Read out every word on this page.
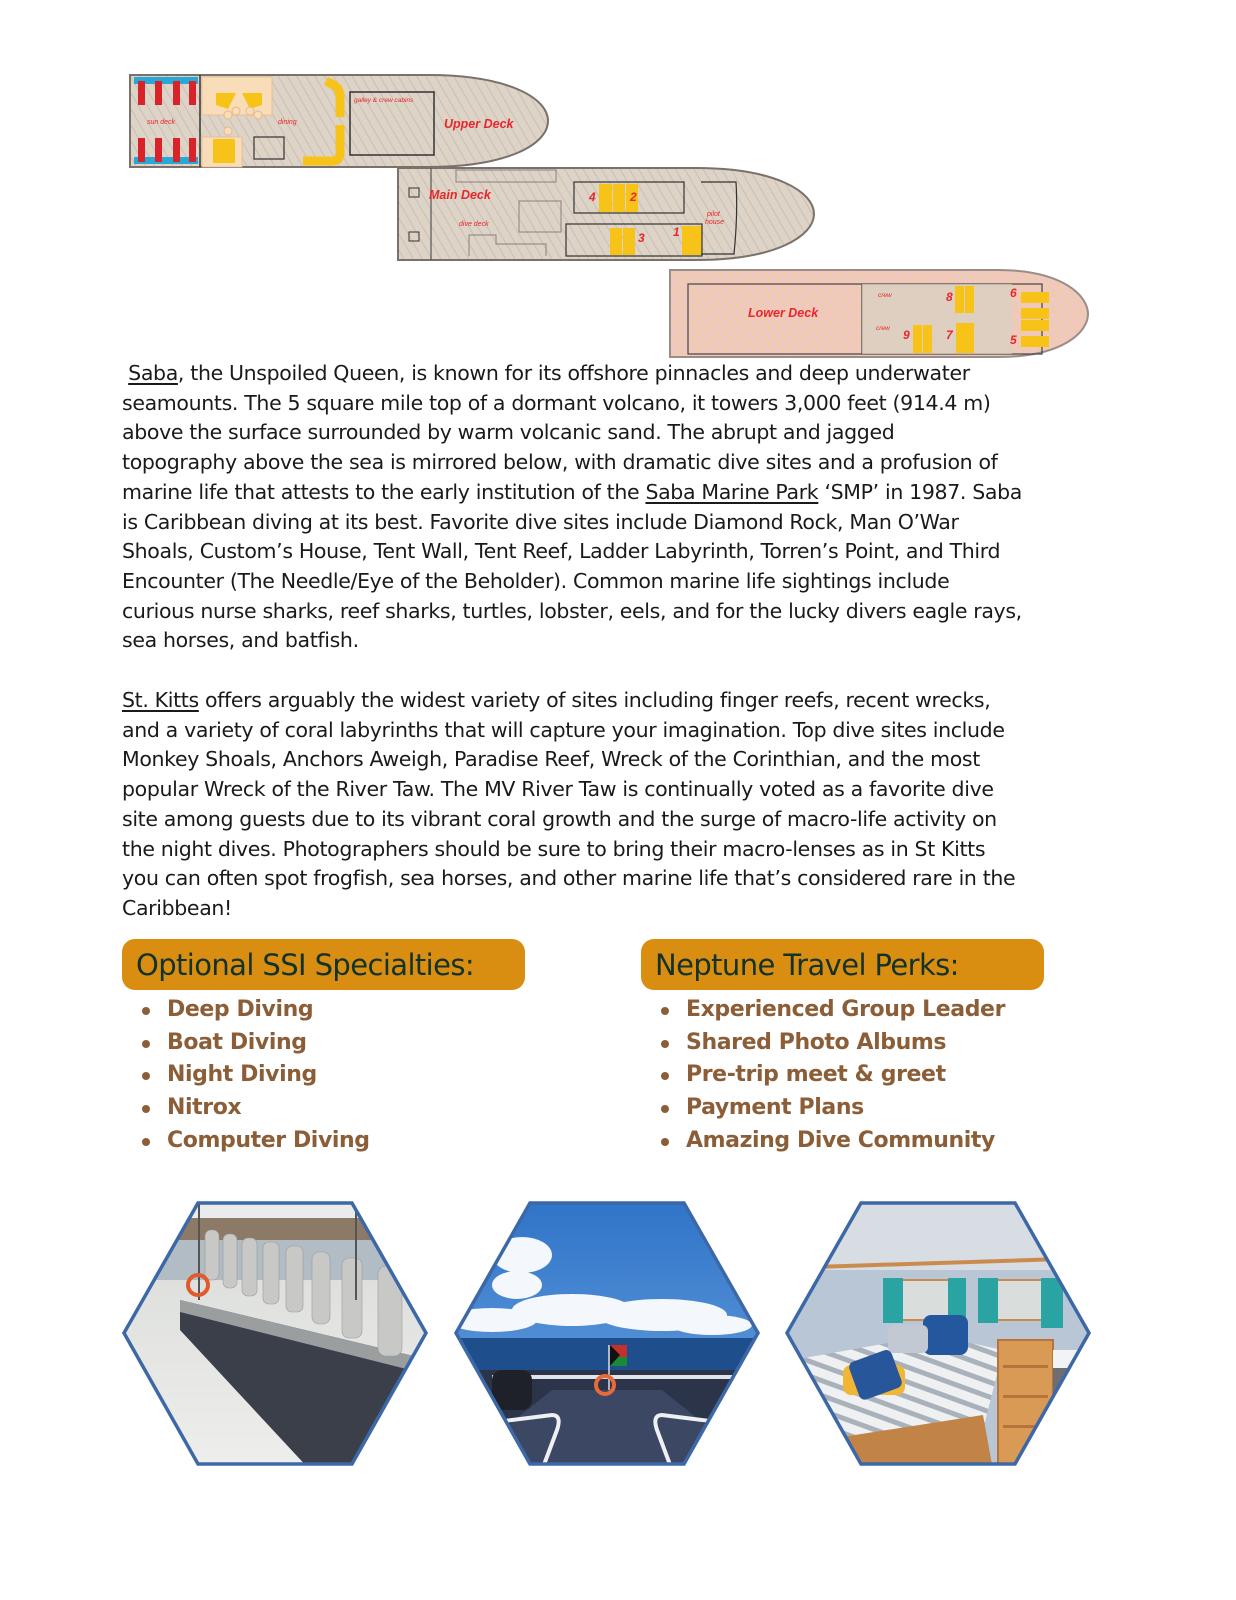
sun deck	dining
galley & crew cabins
Upper Deck
Main Deck
dive deck
pilot
house
1
2
3
4
Lower Deck
crew
crew
5
6
7
8
9
Saba, the Unspoiled Queen, is known for its offshore pinnacles and deep underwater
seamounts. The 5 square mile top of a dormant volcano, it towers 3,000 feet (914.4 m)
above the surface surrounded by warm volcanic sand. The abrupt and jagged
topography above the sea is mirrored below, with dramatic dive sites and a profusion of
marine life that attests to the early institution of the Saba Marine Park ‘SMP’ in 1987. Saba
is Caribbean diving at its best. Favorite dive sites include Diamond Rock, Man O’War
Shoals, Custom’s House, Tent Wall, Tent Reef, Ladder Labyrinth, Torren’s Point, and Third
Encounter (The Needle/Eye of the Beholder). Common marine life sightings include
curious nurse sharks, reef sharks, turtles, lobster, eels, and for the lucky divers eagle rays,
sea horses, and batfish.
St. Kitts offers arguably the widest variety of sites including finger reefs, recent wrecks,
and a variety of coral labyrinths that will capture your imagination. Top dive sites include
Monkey Shoals, Anchors Aweigh, Paradise Reef, Wreck of the Corinthian, and the most
popular Wreck of the River Taw. The MV River Taw is continually voted as a favorite dive
site among guests due to its vibrant coral growth and the surge of macro-life activity on
the night dives. Photographers should be sure to bring their macro-lenses as in St Kitts
you can often spot frogfish, sea horses, and other marine life that’s considered rare in the
Caribbean!
Optional SSI Specialties:
Deep Diving
Boat Diving
Night Diving
Nitrox
Computer Diving
Neptune Travel Perks:
Experienced Group Leader
Shared Photo Albums
Pre-trip meet & greet
Payment Plans
Amazing Dive Community
